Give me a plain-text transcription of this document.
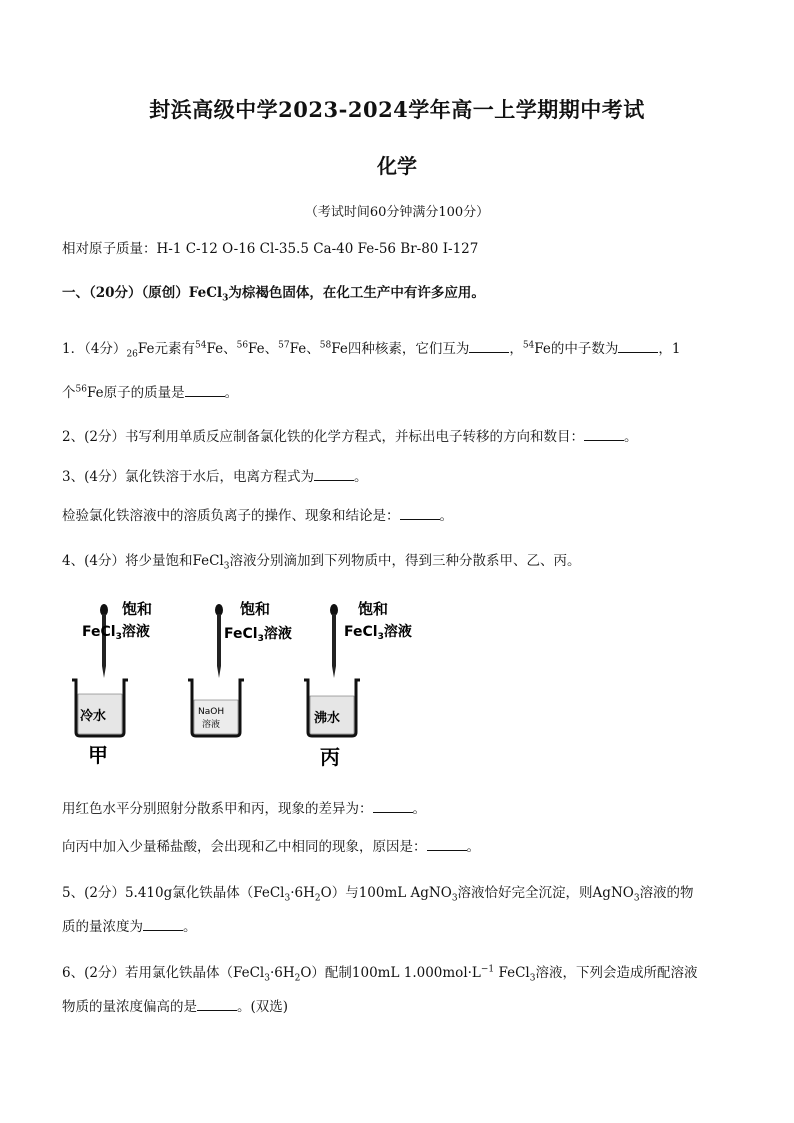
封浜高级中学2023-2024学年高一上学期期中考试
化学
（考试时间60分钟满分100分）
相对原子质量：H-1 C-12 O-16 Cl-35.5 Ca-40 Fe-56 Br-80 I-127
一、（20分）（原创）FeCl$_3$为棕褐色固体，在化工生产中有许多应用。
1．（4分）$_{26}Fe$元素有$^{54}$Fe、$^{56}$Fe、$^{57}$Fe、$^{58}$Fe四种核素，它们互为	，$^{54}$Fe的中子数为	，1
个$^{56}$Fe原子的质量是	。
2、(2分）书写利用单质反应制备氯化铁的化学方程式，并标出电子转移的方向和数目：	。
3、(4分）氯化铁溶于水后，电离方程式为	。
检验氯化铁溶液中的溶质负离子的操作、现象和结论是：	。
4、(4分）将少量饱和FeCl$_3$溶液分别滴加到下列物质中，得到三种分散系甲、乙、丙。
饱和
FeCl$_3$溶液
冷水
甲
饱和
FeCl$_3$溶液
NaOH
溶液
饱和
FeCl$_3$溶液
沸水
丙
用红色水平分别照射分散系甲和丙，现象的差异为：	。
向丙中加入少量稀盐酸，会出现和乙中相同的现象，原因是：	。
5、(2分）5.410g氯化铁晶体$(FeCl_3\cdot 6H_2O)$与100mL AgNO$_3$溶液恰好完全沉淀，则AgNO$_3$溶液的物
质的量浓度为	。
6、(2分）若用氯化铁晶体$(FeCl_3\cdot 6H_2O)$配制100mL $1.000mol\cdot L^{-1}$ FeCl$_3$溶液，下列会造成所配溶液
物质的量浓度偏高的是	。(双选)
